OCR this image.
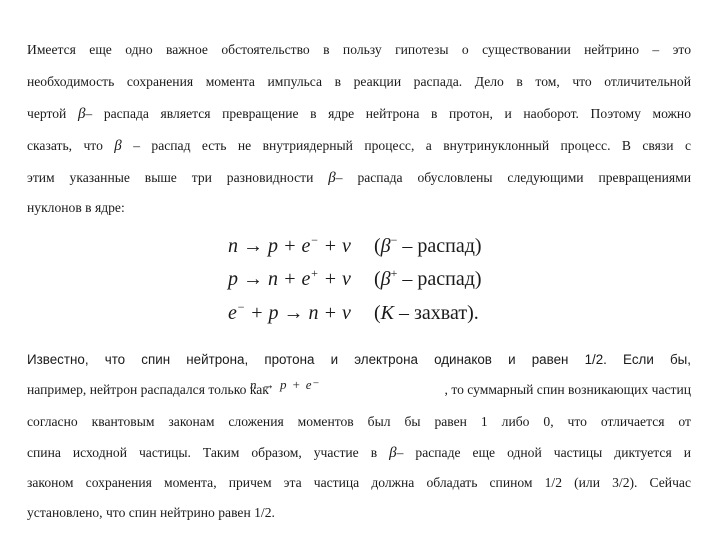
Имеется еще одно важное обстоятельство в пользу гипотезы о существовании нейтрино – это
необходимость сохранения момента импульса в реакции распада. Дело в том, что отличительной
чертой β– распада является превращение в ядре нейтрона в протон, и наоборот. Поэтому можно
сказать, что β – распад есть не внутриядерный процесс, а внутринуклонный процесс. В связи с
этим указанные выше три разновидности β– распада обусловлены следующими превращениями
нуклонов в ядре:
n → p + e− + ν (β− – распад)
p → n + e+ + ν (β+ – распад)
e− + p → n + ν (K – захват).
Известно, что спин нейтрона, протона и электрона одинаков и равен 1/2. Если бы,
например, нейтрон распадался только как
n → p + e⁻	, то суммарный спин возникающих частиц
согласно квантовым законам сложения моментов был бы равен 1 либо 0, что отличается от
спина исходной частицы. Таким образом, участие в β– распаде еще одной частицы диктуется и
законом сохранения момента, причем эта частица должна обладать спином 1/2 (или 3/2). Сейчас
установлено, что спин нейтрино равен 1/2.
